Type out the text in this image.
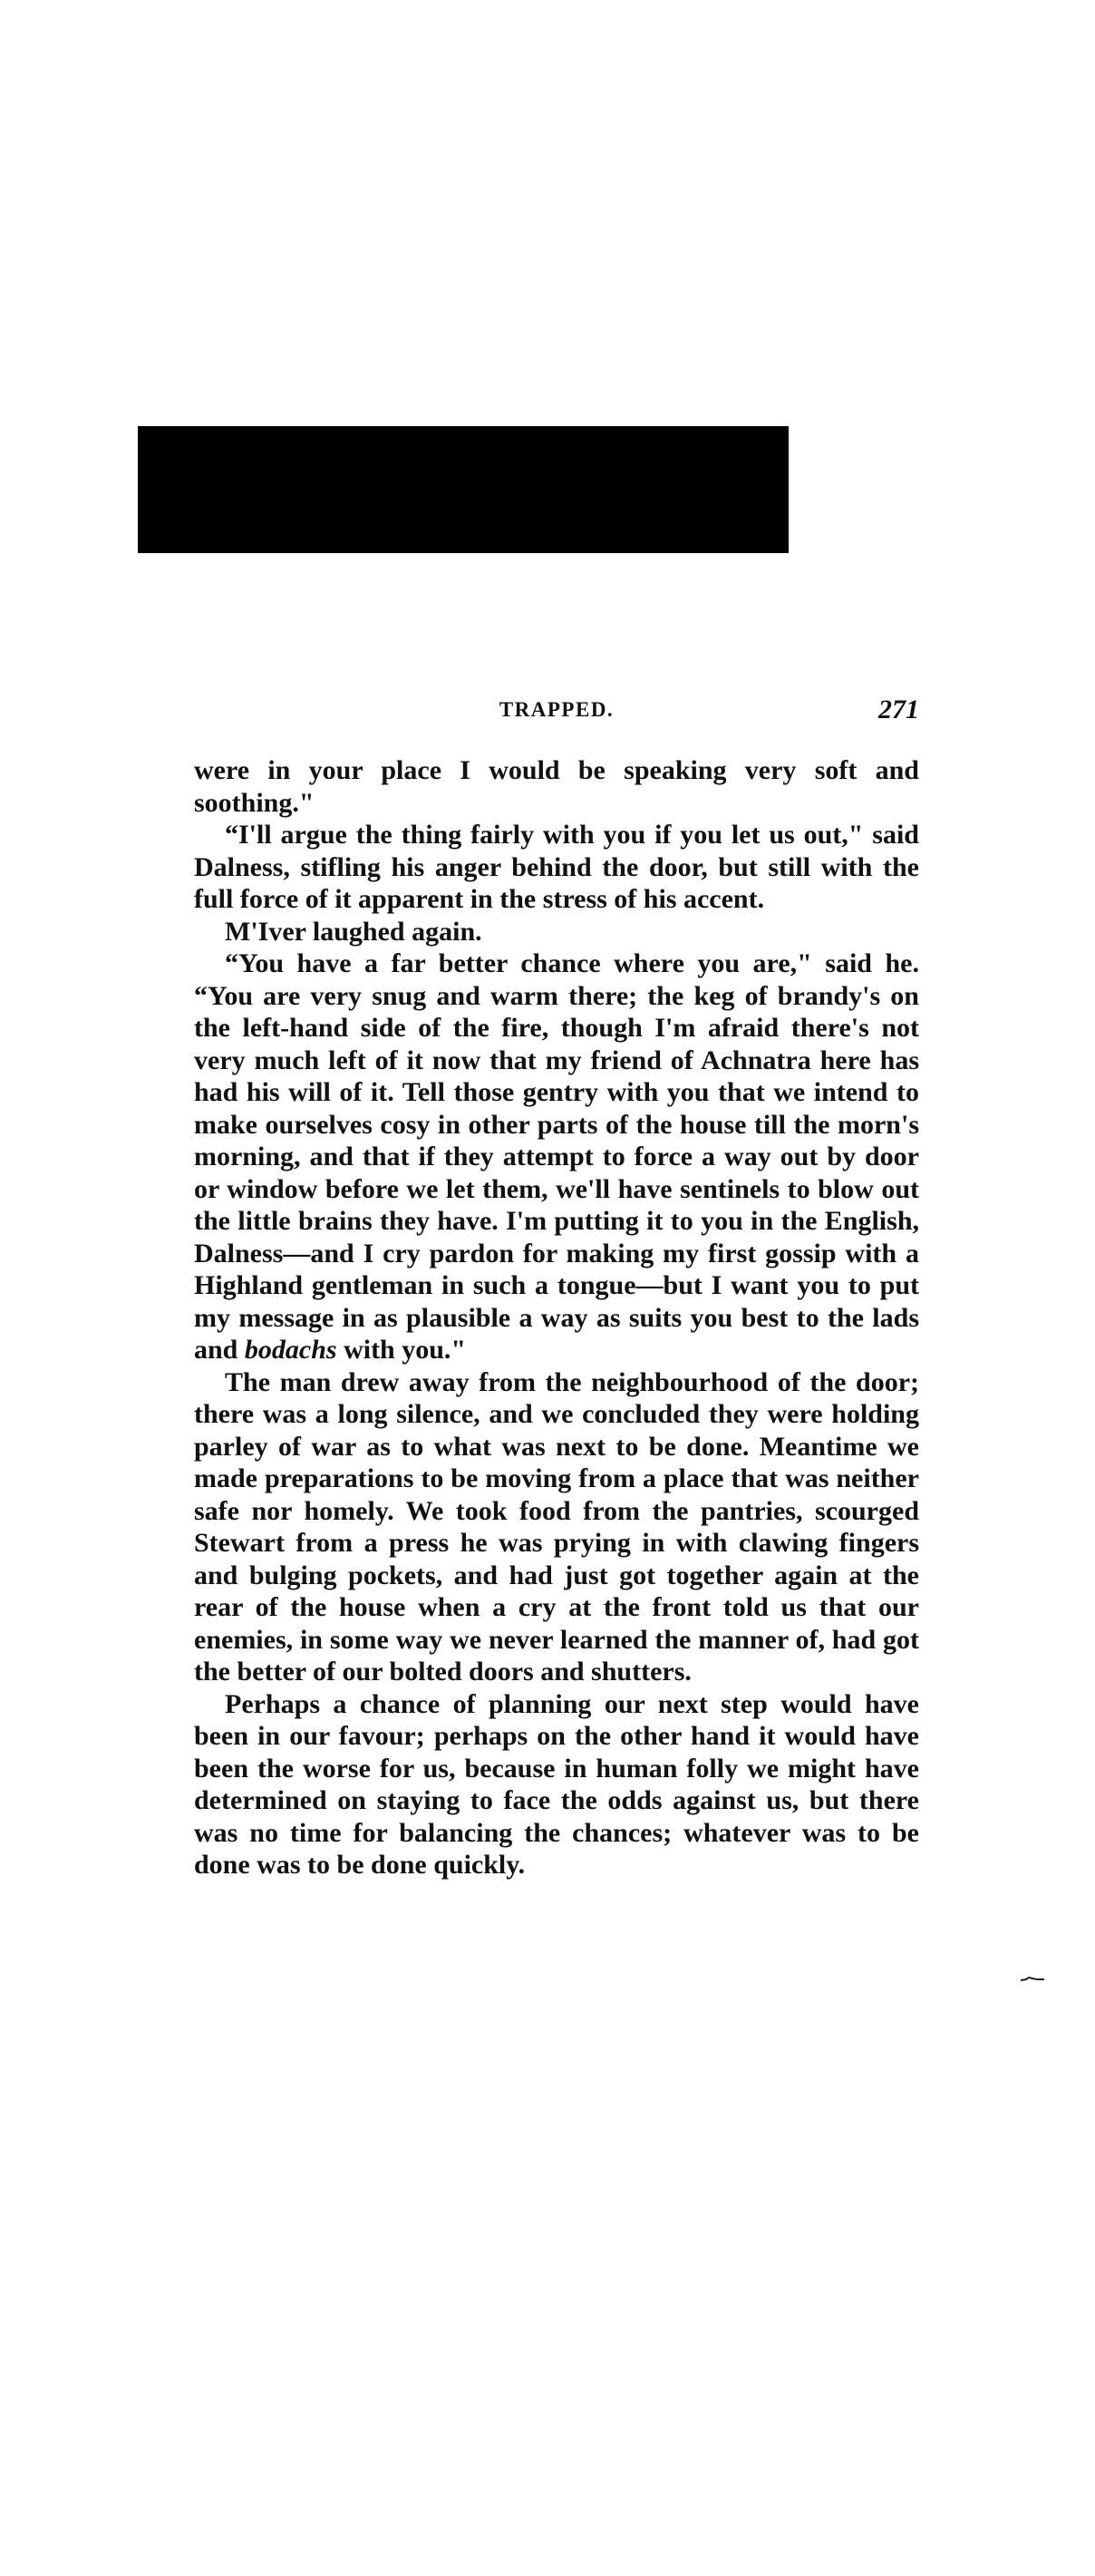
TRAPPED.	271

were in your place I would be speaking very soft and soothing."

“I'll argue the thing fairly with you if you let us out," said Dalness, stifling his anger behind the door, but still with the full force of it apparent in the stress of his accent.

M'Iver laughed again.

“You have a far better chance where you are," said he. “You are very snug and warm there; the keg of brandy's on the left-hand side of the fire, though I'm afraid there's not very much left of it now that my friend of Achnatra here has had his will of it. Tell those gentry with you that we intend to make ourselves cosy in other parts of the house till the morn's morning, and that if they attempt to force a way out by door or window before we let them, we'll have sentinels to blow out the little brains they have. I'm putting it to you in the English, Dalness—and I cry pardon for making my first gossip with a Highland gentleman in such a tongue—but I want you to put my message in as plausible a way as suits you best to the lads and bodachs with you."

The man drew away from the neighbourhood of the door; there was a long silence, and we concluded they were holding parley of war as to what was next to be done. Meantime we made preparations to be moving from a place that was neither safe nor homely. We took food from the pantries, scourged Stewart from a press he was prying in with clawing fingers and bulging pockets, and had just got together again at the rear of the house when a cry at the front told us that our enemies, in some way we never learned the manner of, had got the better of our bolted doors and shutters.

Perhaps a chance of planning our next step would have been in our favour; perhaps on the other hand it would have been the worse for us, because in human folly we might have determined on staying to face the odds against us, but there was no time for balancing the chances; whatever was to be done was to be done quickly.
